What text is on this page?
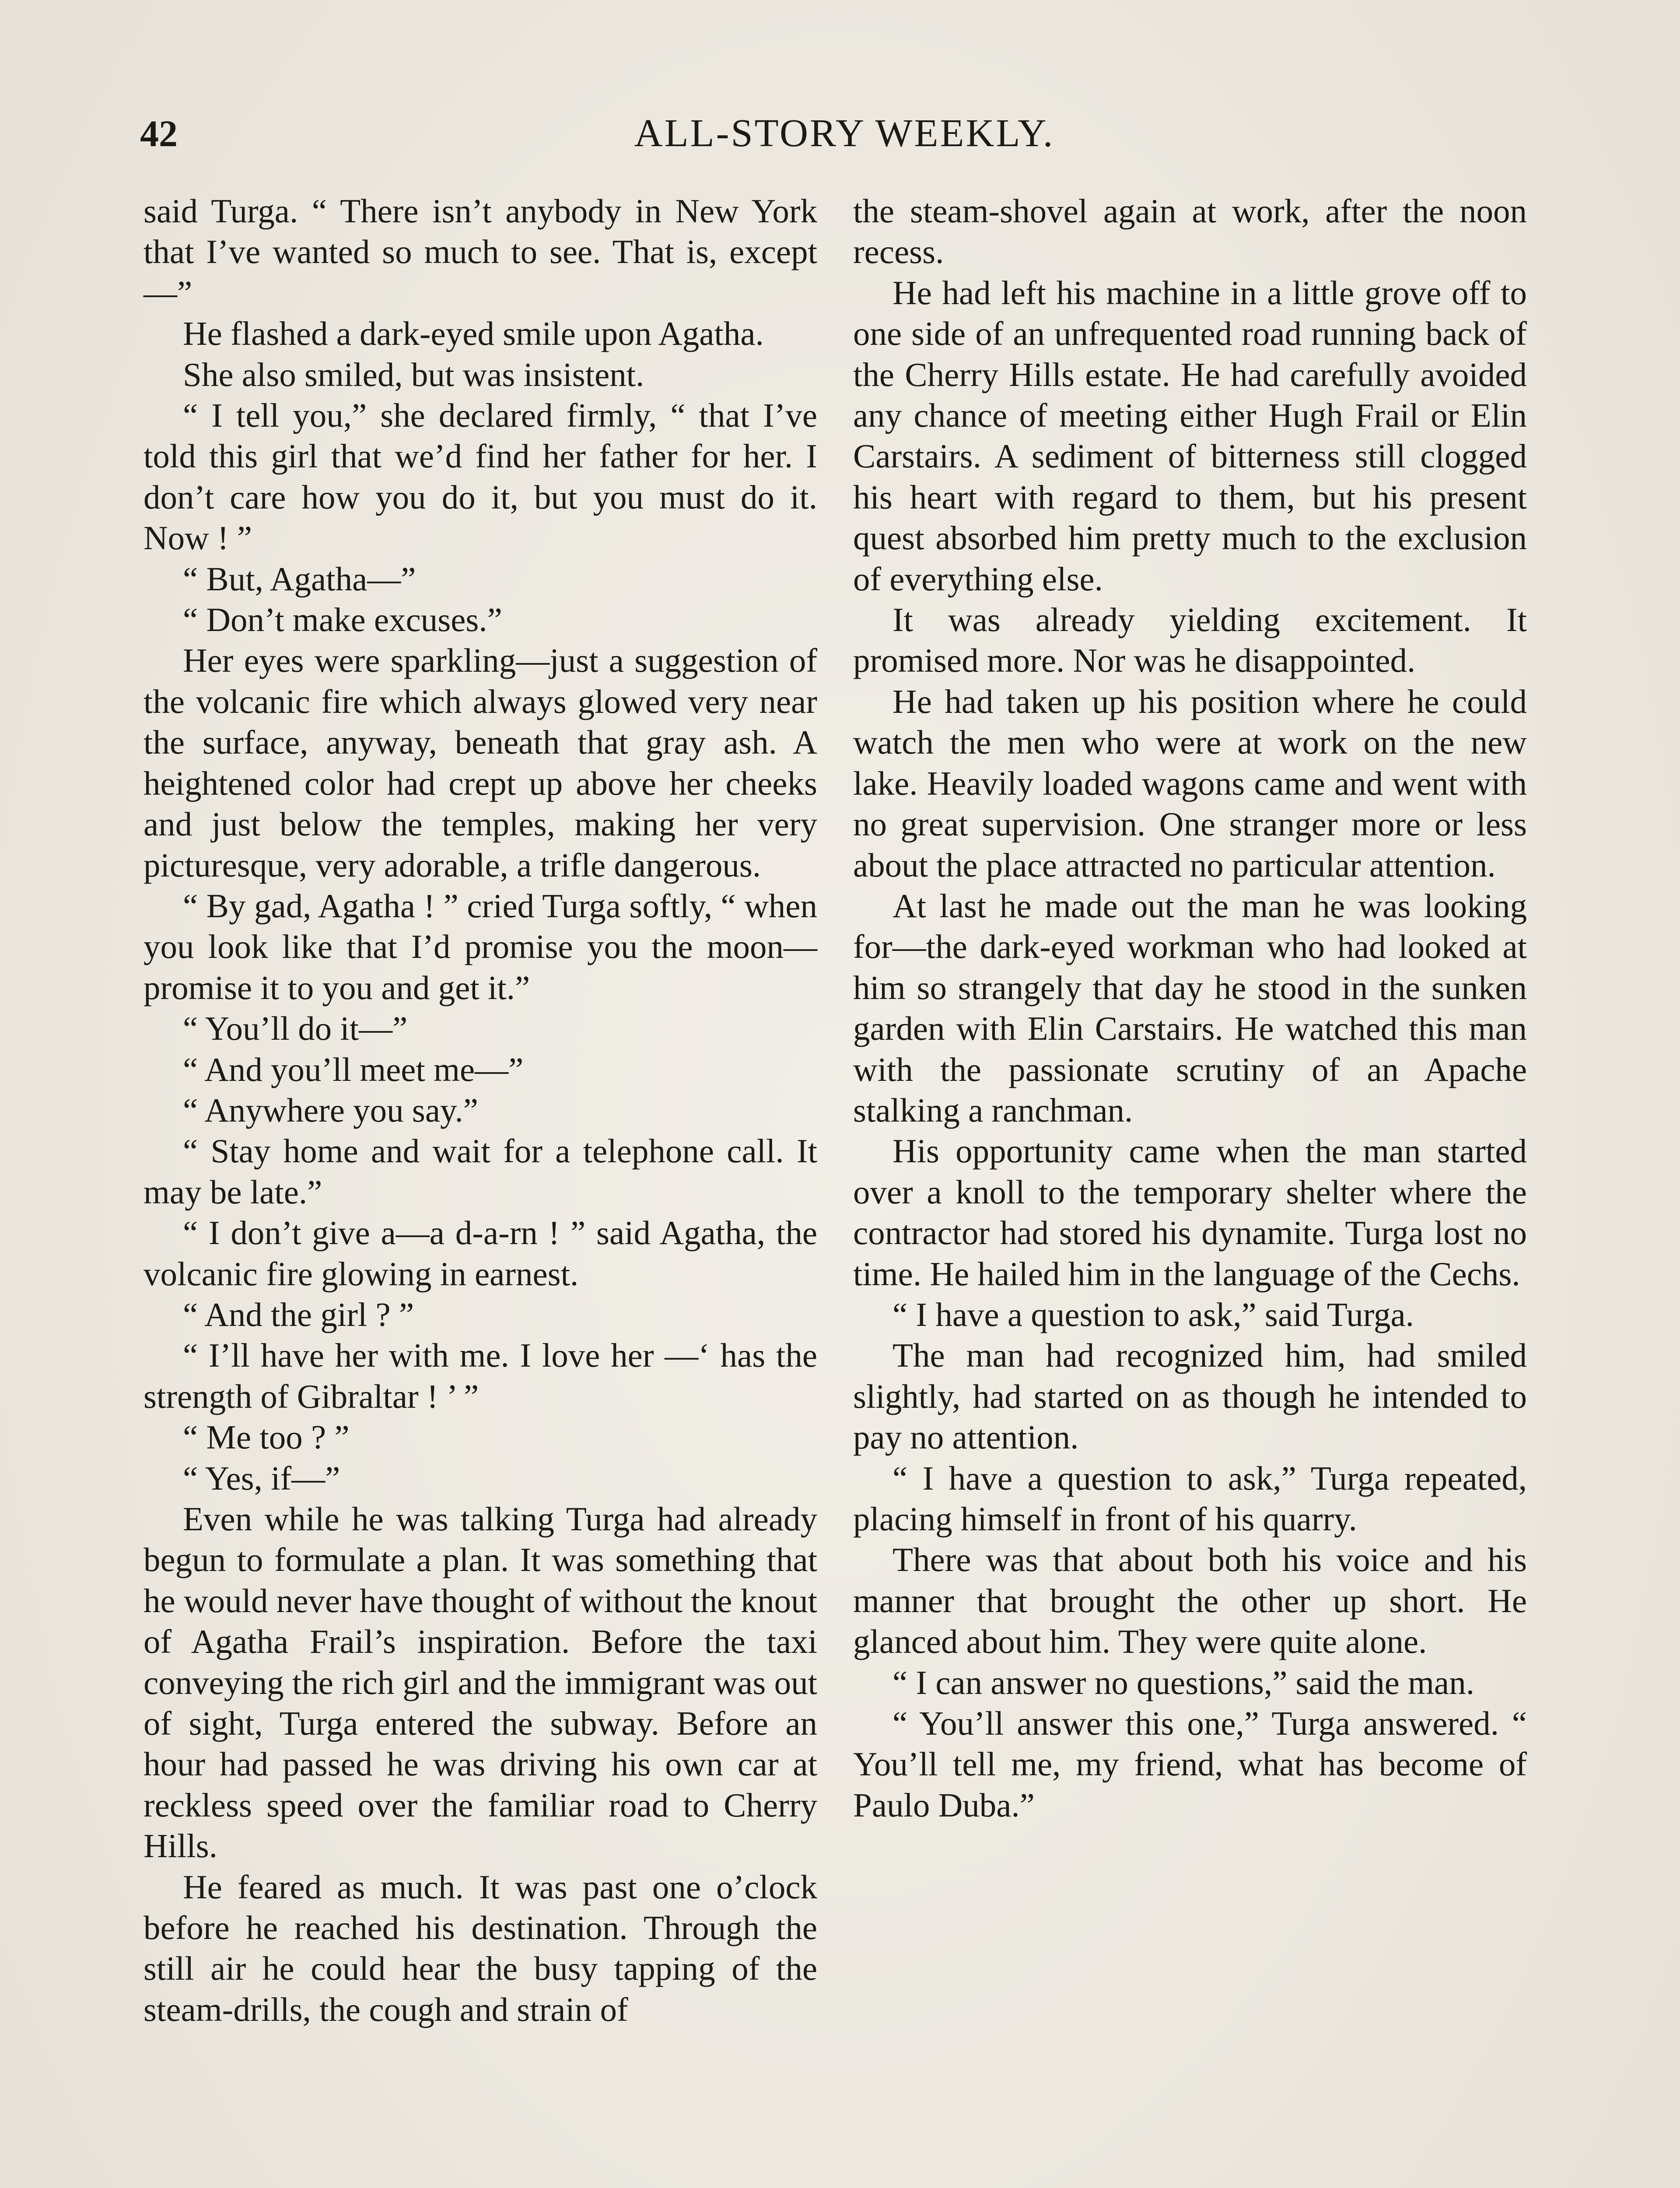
42	ALL-STORY WEEKLY.

said Turga. “ There isn’t anybody in New York that I’ve wanted so much to see. That is, except—”

He flashed a dark-eyed smile upon Agatha.

She also smiled, but was insistent.

“ I tell you,” she declared firmly, “ that I’ve told this girl that we’d find her father for her. I don’t care how you do it, but you must do it. Now ! ”

“ But, Agatha—”

“ Don’t make excuses.”

Her eyes were sparkling—just a suggestion of the volcanic fire which always glowed very near the surface, anyway, beneath that gray ash. A heightened color had crept up above her cheeks and just below the temples, making her very picturesque, very adorable, a trifle dangerous.

“ By gad, Agatha ! ” cried Turga softly, “ when you look like that I’d promise you the moon—promise it to you and get it.”

“ You’ll do it—”

“ And you’ll meet me—”

“ Anywhere you say.”

“ Stay home and wait for a telephone call. It may be late.”

“ I don’t give a—a d-a-rn ! ” said Agatha, the volcanic fire glowing in earnest.

“ And the girl ? ”

“ I’ll have her with me. I love her —‘ has the strength of Gibraltar ! ’ ”

“ Me too ? ”

“ Yes, if—”

Even while he was talking Turga had already begun to formulate a plan. It was something that he would never have thought of without the knout of Agatha Frail’s inspiration. Before the taxi conveying the rich girl and the immigrant was out of sight, Turga entered the subway. Before an hour had passed he was driving his own car at reckless speed over the familiar road to Cherry Hills.

He feared as much. It was past one o’clock before he reached his destination. Through the still air he could hear the busy tapping of the steam-drills, the cough and strain of

the steam-shovel again at work, after the noon recess.

He had left his machine in a little grove off to one side of an unfrequented road running back of the Cherry Hills estate. He had carefully avoided any chance of meeting either Hugh Frail or Elin Carstairs. A sediment of bitterness still clogged his heart with regard to them, but his present quest absorbed him pretty much to the exclusion of everything else.

It was already yielding excitement. It promised more. Nor was he disappointed.

He had taken up his position where he could watch the men who were at work on the new lake. Heavily loaded wagons came and went with no great supervision. One stranger more or less about the place attracted no particular attention.

At last he made out the man he was looking for—the dark-eyed workman who had looked at him so strangely that day he stood in the sunken garden with Elin Carstairs. He watched this man with the passionate scrutiny of an Apache stalking a ranchman.

His opportunity came when the man started over a knoll to the temporary shelter where the contractor had stored his dynamite. Turga lost no time. He hailed him in the language of the Cechs.

“ I have a question to ask,” said Turga.

The man had recognized him, had smiled slightly, had started on as though he intended to pay no attention.

“ I have a question to ask,” Turga repeated, placing himself in front of his quarry.

There was that about both his voice and his manner that brought the other up short. He glanced about him. They were quite alone.

“ I can answer no questions,” said the man.

“ You’ll answer this one,” Turga answered. “ You’ll tell me, my friend, what has become of Paulo Duba.”
